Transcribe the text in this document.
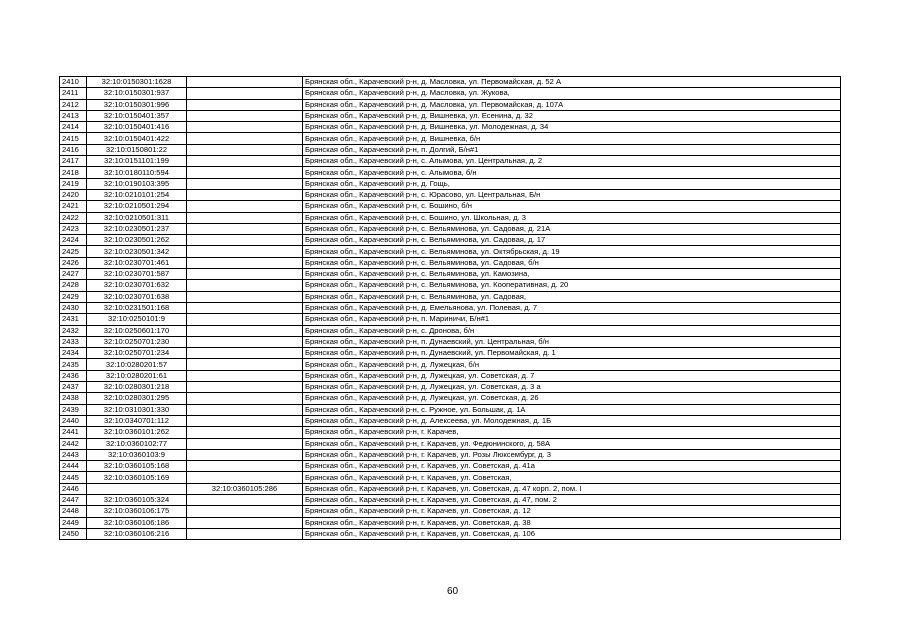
2410	32:10:0150301:1628		Брянская обл., Карачевский р-н, д. Масловка, ул. Первомайская, д. 52 А
2411	32:10:0150301:937		Брянская обл., Карачевский р-н, д. Масловка, ул. Жукова,
2412	32:10:0150301:996		Брянская обл., Карачевский р-н, д. Масловка, ул. Первомайская, д. 107А
2413	32:10:0150401:357		Брянская обл., Карачевский р-н, д. Вишневка, ул. Есенина, д. 32
2414	32:10:0150401:416		Брянская обл., Карачевский р-н, д. Вишневка, ул. Молодежная, д. 34
2415	32:10:0150401:422		Брянская обл., Карачевский р-н, д. Вишневка, б/н
2416	32:10:0150801:22		Брянская обл., Карачевский р-н, п. Долгий, Б/н#1
2417	32:10:0151101:199		Брянская обл., Карачевский р-н, с. Алымова, ул. Центральная, д. 2
2418	32:10:0180110:594		Брянская обл., Карачевский р-н, с. Алымова, б/н
2419	32:10:0190103:395		Брянская обл., Карачевский р-н, д. Гощь,
2420	32:10:0210101:254		Брянская обл., Карачевский р-н, с. Юрасово, ул. Центральная, Б/н
2421	32:10:0210501:294		Брянская обл., Карачевский р-н, с. Бошино, б/н
2422	32:10:0210501:311		Брянская обл., Карачевский р-н, с. Бошино, ул. Школьная, д. 3
2423	32:10:0230501:237		Брянская обл., Карачевский р-н, с. Вельяминова, ул. Садовая, д. 21А
2424	32:10:0230501:262		Брянская обл., Карачевский р-н, с. Вельяминова, ул. Садовая, д. 17
2425	32:10:0230501:342		Брянская обл., Карачевский р-н, с. Вельяминова, ул. Октябрьская, д. 19
2426	32:10:0230701:461		Брянская обл., Карачевский р-н, с. Вельяминова, ул. Садовая, б/н
2427	32:10:0230701:587		Брянская обл., Карачевский р-н, с. Вельяминова, ул. Камозина,
2428	32:10:0230701:632		Брянская обл., Карачевский р-н, с. Вельяминова, ул. Кооперативная, д. 20
2429	32:10:0230701:638		Брянская обл., Карачевский р-н, с. Вельяминова, ул. Садовая,
2430	32:10:0231501:168		Брянская обл., Карачевский р-н, д. Емельянова, ул. Полевая, д. 7
2431	32:10:0250101:9		Брянская обл., Карачевский р-н, п. Мариничи, Б/н#1
2432	32:10:0250601:170		Брянская обл., Карачевский р-н, с. Дронова, б/н
2433	32:10:0250701:230		Брянская обл., Карачевский р-н, п. Дунаевский, ул. Центральная, б/н
2434	32:10:0250701:234		Брянская обл., Карачевский р-н, п. Дунаевский, ул. Первомайская, д. 1
2435	32:10:0280201:57		Брянская обл., Карачевский р-н, д. Лужецкая, б/н
2436	32:10:0280201:61		Брянская обл., Карачевский р-н, д. Лужецкая, ул. Советская, д. 7
2437	32:10:0280301:218		Брянская обл., Карачевский р-н, д. Лужецкая, ул. Советская, д. 3 а
2438	32:10:0280301:295		Брянская обл., Карачевский р-н, д. Лужецкая, ул. Советская, д. 26
2439	32:10:0310301:330		Брянская обл., Карачевский р-н, с. Ружное, ул. Большак, д. 1А
2440	32:10:0340701:112		Брянская обл., Карачевский р-н, д. Алексеева, ул. Молодежная, д. 1Б
2441	32:10:0360101:262		Брянская обл., Карачевский р-н, г. Карачев,
2442	32:10:0360102:77		Брянская обл., Карачевский р-н, г. Карачев, ул. Федюнинского, д. 58А
2443	32:10:0360103:9		Брянская обл., Карачевский р-н, г. Карачев, ул. Розы Люксембург, д. 3
2444	32:10:0360105:168		Брянская обл., Карачевский р-н, г. Карачев, ул. Советская, д. 41а
2445	32:10:0360105:169		Брянская обл., Карачевский р-н, г. Карачев, ул. Советская,
2446		32:10:0360105:286	Брянская обл., Карачевский р-н, г. Карачев, ул. Советская, д. 47 корп. 2, пом. I
2447	32:10:0360105:324		Брянская обл., Карачевский р-н, г. Карачев, ул. Советская, д. 47, пом. 2
2448	32:10:0360106:175		Брянская обл., Карачевский р-н, г. Карачев, ул. Советская, д. 12
2449	32:10:0360106:186		Брянская обл., Карачевский р-н, г. Карачев, ул. Советская, д. 38
2450	32:10:0360106:216		Брянская обл., Карачевский р-н, г. Карачев, ул. Советская, д. 106
60
